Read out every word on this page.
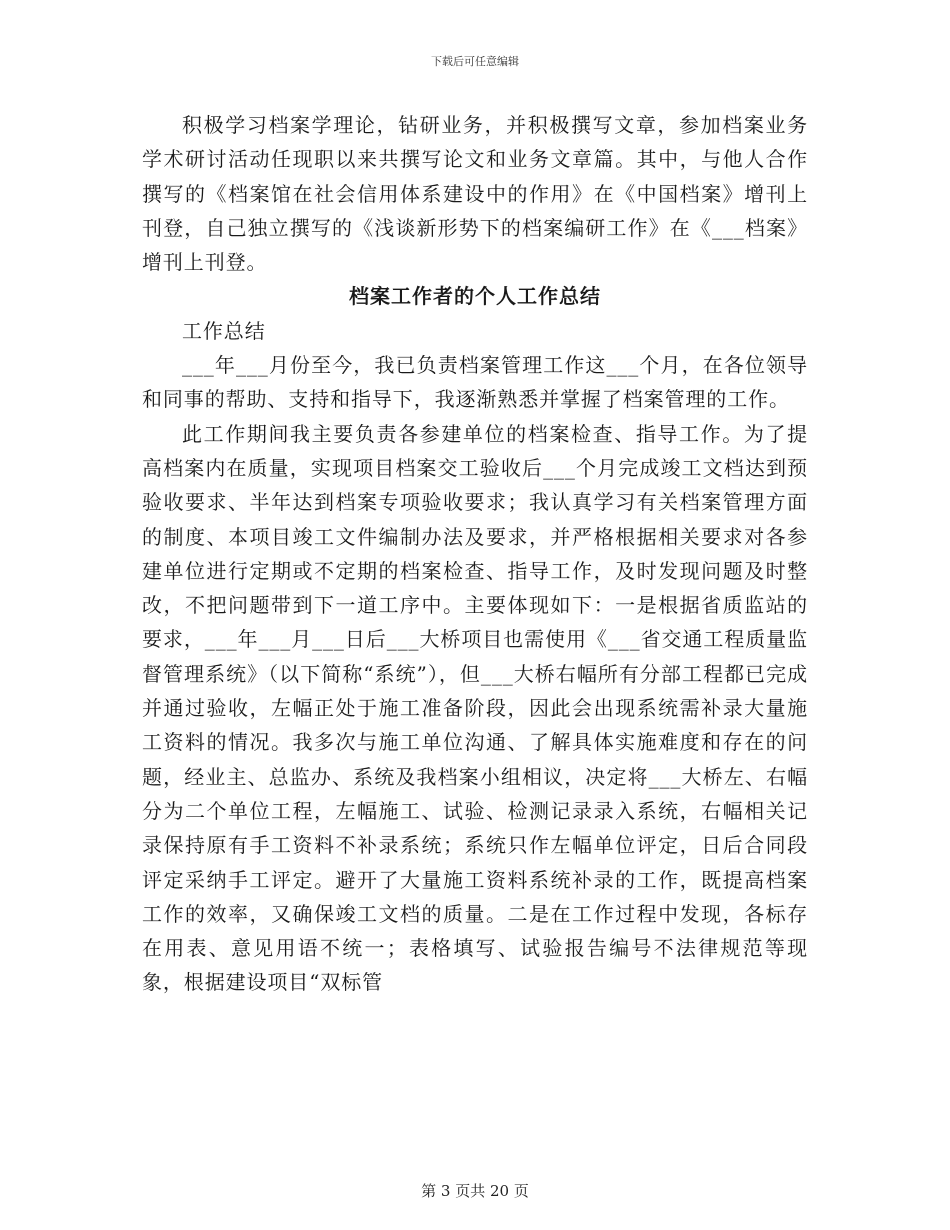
下载后可任意编辑

积极学习档案学理论，钻研业务，并积极撰写文章，参加档案业务学术研讨活动任现职以来共撰写论文和业务文章篇。其中，与他人合作撰写的《档案馆在社会信用体系建设中的作用》在《中国档案》增刊上刊登，自己独立撰写的《浅谈新形势下的档案编研工作》在《___档案》增刊上刊登。

档案工作者的个人工作总结

工作总结

___年___月份至今，我已负责档案管理工作这___个月，在各位领导和同事的帮助、支持和指导下，我逐渐熟悉并掌握了档案管理的工作。

此工作期间我主要负责各参建单位的档案检查、指导工作。为了提高档案内在质量，实现项目档案交工验收后___个月完成竣工文档达到预验收要求、半年达到档案专项验收要求；我认真学习有关档案管理方面的制度、本项目竣工文件编制办法及要求，并严格根据相关要求对各参建单位进行定期或不定期的档案检查、指导工作，及时发现问题及时整改，不把问题带到下一道工序中。主要体现如下：一是根据省质监站的要求，___年___月___日后___大桥项目也需使用《___省交通工程质量监督管理系统》（以下简称“系统”），但___大桥右幅所有分部工程都已完成并通过验收，左幅正处于施工准备阶段，因此会出现系统需补录大量施工资料的情况。我多次与施工单位沟通、了解具体实施难度和存在的问题，经业主、总监办、系统及我档案小组相议，决定将___大桥左、右幅分为二个单位工程，左幅施工、试验、检测记录录入系统，右幅相关记录保持原有手工资料不补录系统；系统只作左幅单位评定，日后合同段评定采纳手工评定。避开了大量施工资料系统补录的工作，既提高档案工作的效率，又确保竣工文档的质量。二是在工作过程中发现，各标存在用表、意见用语不统一；表格填写、试验报告编号不法律规范等现象，根据建设项目“双标管

第 3 页共 20 页
